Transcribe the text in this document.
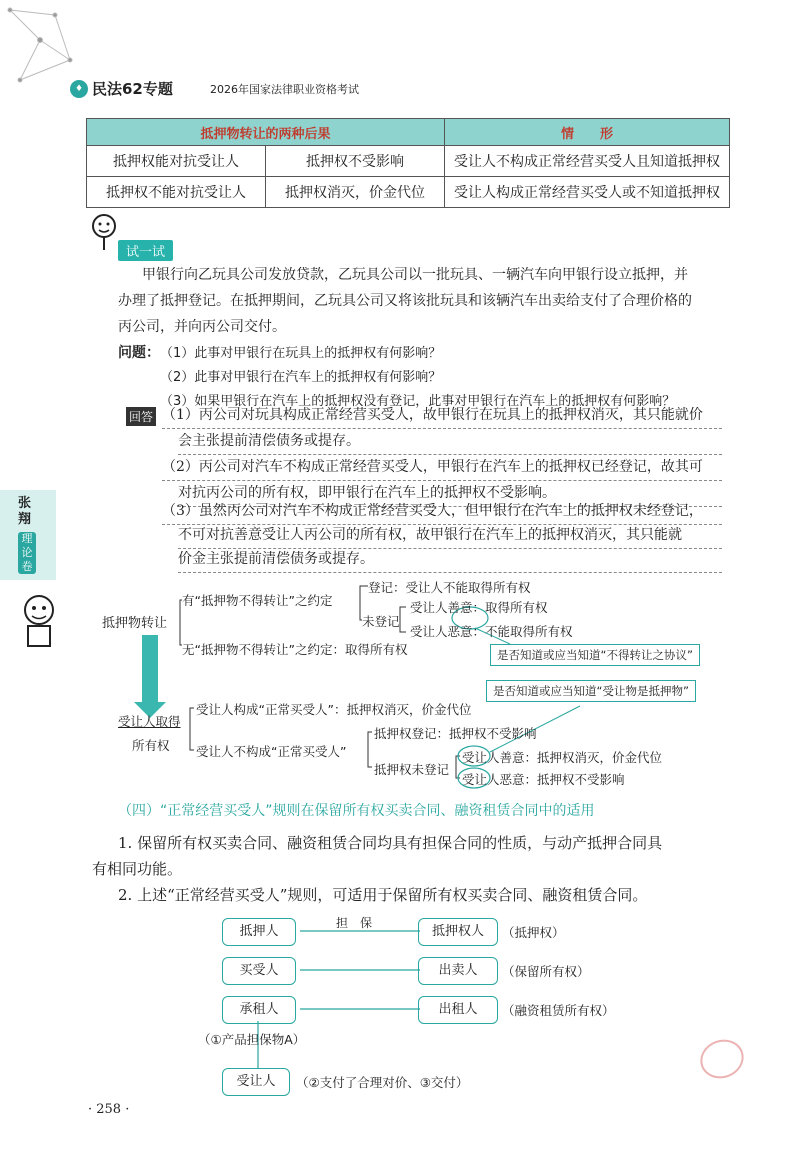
♦ 民法62专题	2026年国家法律职业资格考试
抵押物转让的两种后果		情　　形
抵押权能对抗受让人	抵押权不受影响	受让人不构成正常经营买受人且知道抵押权
抵押权不能对抗受让人	抵押权消灭，价金代位	受让人构成正常经营买受人或不知道抵押权
试一试
甲银行向乙玩具公司发放贷款，乙玩具公司以一批玩具、一辆汽车向甲银行设立抵押，并
办理了抵押登记。在抵押期间，乙玩具公司又将该批玩具和该辆汽车出卖给支付了合理价格的
丙公司，并向丙公司交付。
问题： （1）此事对甲银行在玩具上的抵押权有何影响？
（2）此事对甲银行在汽车上的抵押权有何影响？
（3）如果甲银行在汽车上的抵押权没有登记，此事对甲银行在汽车上的抵押权有何影响？
回答 （1）丙公司对玩具构成正常经营买受人，故甲银行在玩具上的抵押权消灭，其只能就价
会主张提前清偿债务或提存。
（2）丙公司对汽车不构成正常经营买受人，甲银行在汽车上的抵押权已经登记，故其可
对抗丙公司的所有权，即甲银行在汽车上的抵押权不受影响。
（3）虽然丙公司对汽车不构成正常经营买受人，但甲银行在汽车上的抵押权未经登记，
不可对抗善意受让人丙公司的所有权，故甲银行在汽车上的抵押权消灭，其只能就
价金主张提前清偿债务或提存。
张翔
理论卷
抵押物转让
有“抵押物不得转让”之约定
登记：受让人不能取得所有权
未登记
受让人善意：取得所有权
受让人恶意：不能取得所有权
无“抵押物不得转让”之约定：取得所有权	是否知道或应当知道“不得转让之协议”
是否知道或应当知道“受让物是抵押物”
受让人取得
所有权
受让人构成“正常买受人”：抵押权消灭，价金代位
受让人不构成“正常买受人”
抵押权登记：抵押权不受影响
抵押权未登记
受让人善意：抵押权消灭，价金代位
受让人恶意：抵押权不受影响
（四）“正常经营买受人”规则在保留所有权买卖合同、融资租赁合同中的适用
1. 保留所有权买卖合同、融资租赁合同均具有担保合同的性质，与动产抵押合同具
有相同功能。
2. 上述“正常经营买受人”规则，可适用于保留所有权买卖合同、融资租赁合同。
担　保
抵押人
买受人
承租人
抵押权人
出卖人
出租人
（抵押权）
（保留所有权）
（融资租赁所有权）
（①产品担保物A）
受让人	（②支付了合理对价、③交付）
· 258 ·
